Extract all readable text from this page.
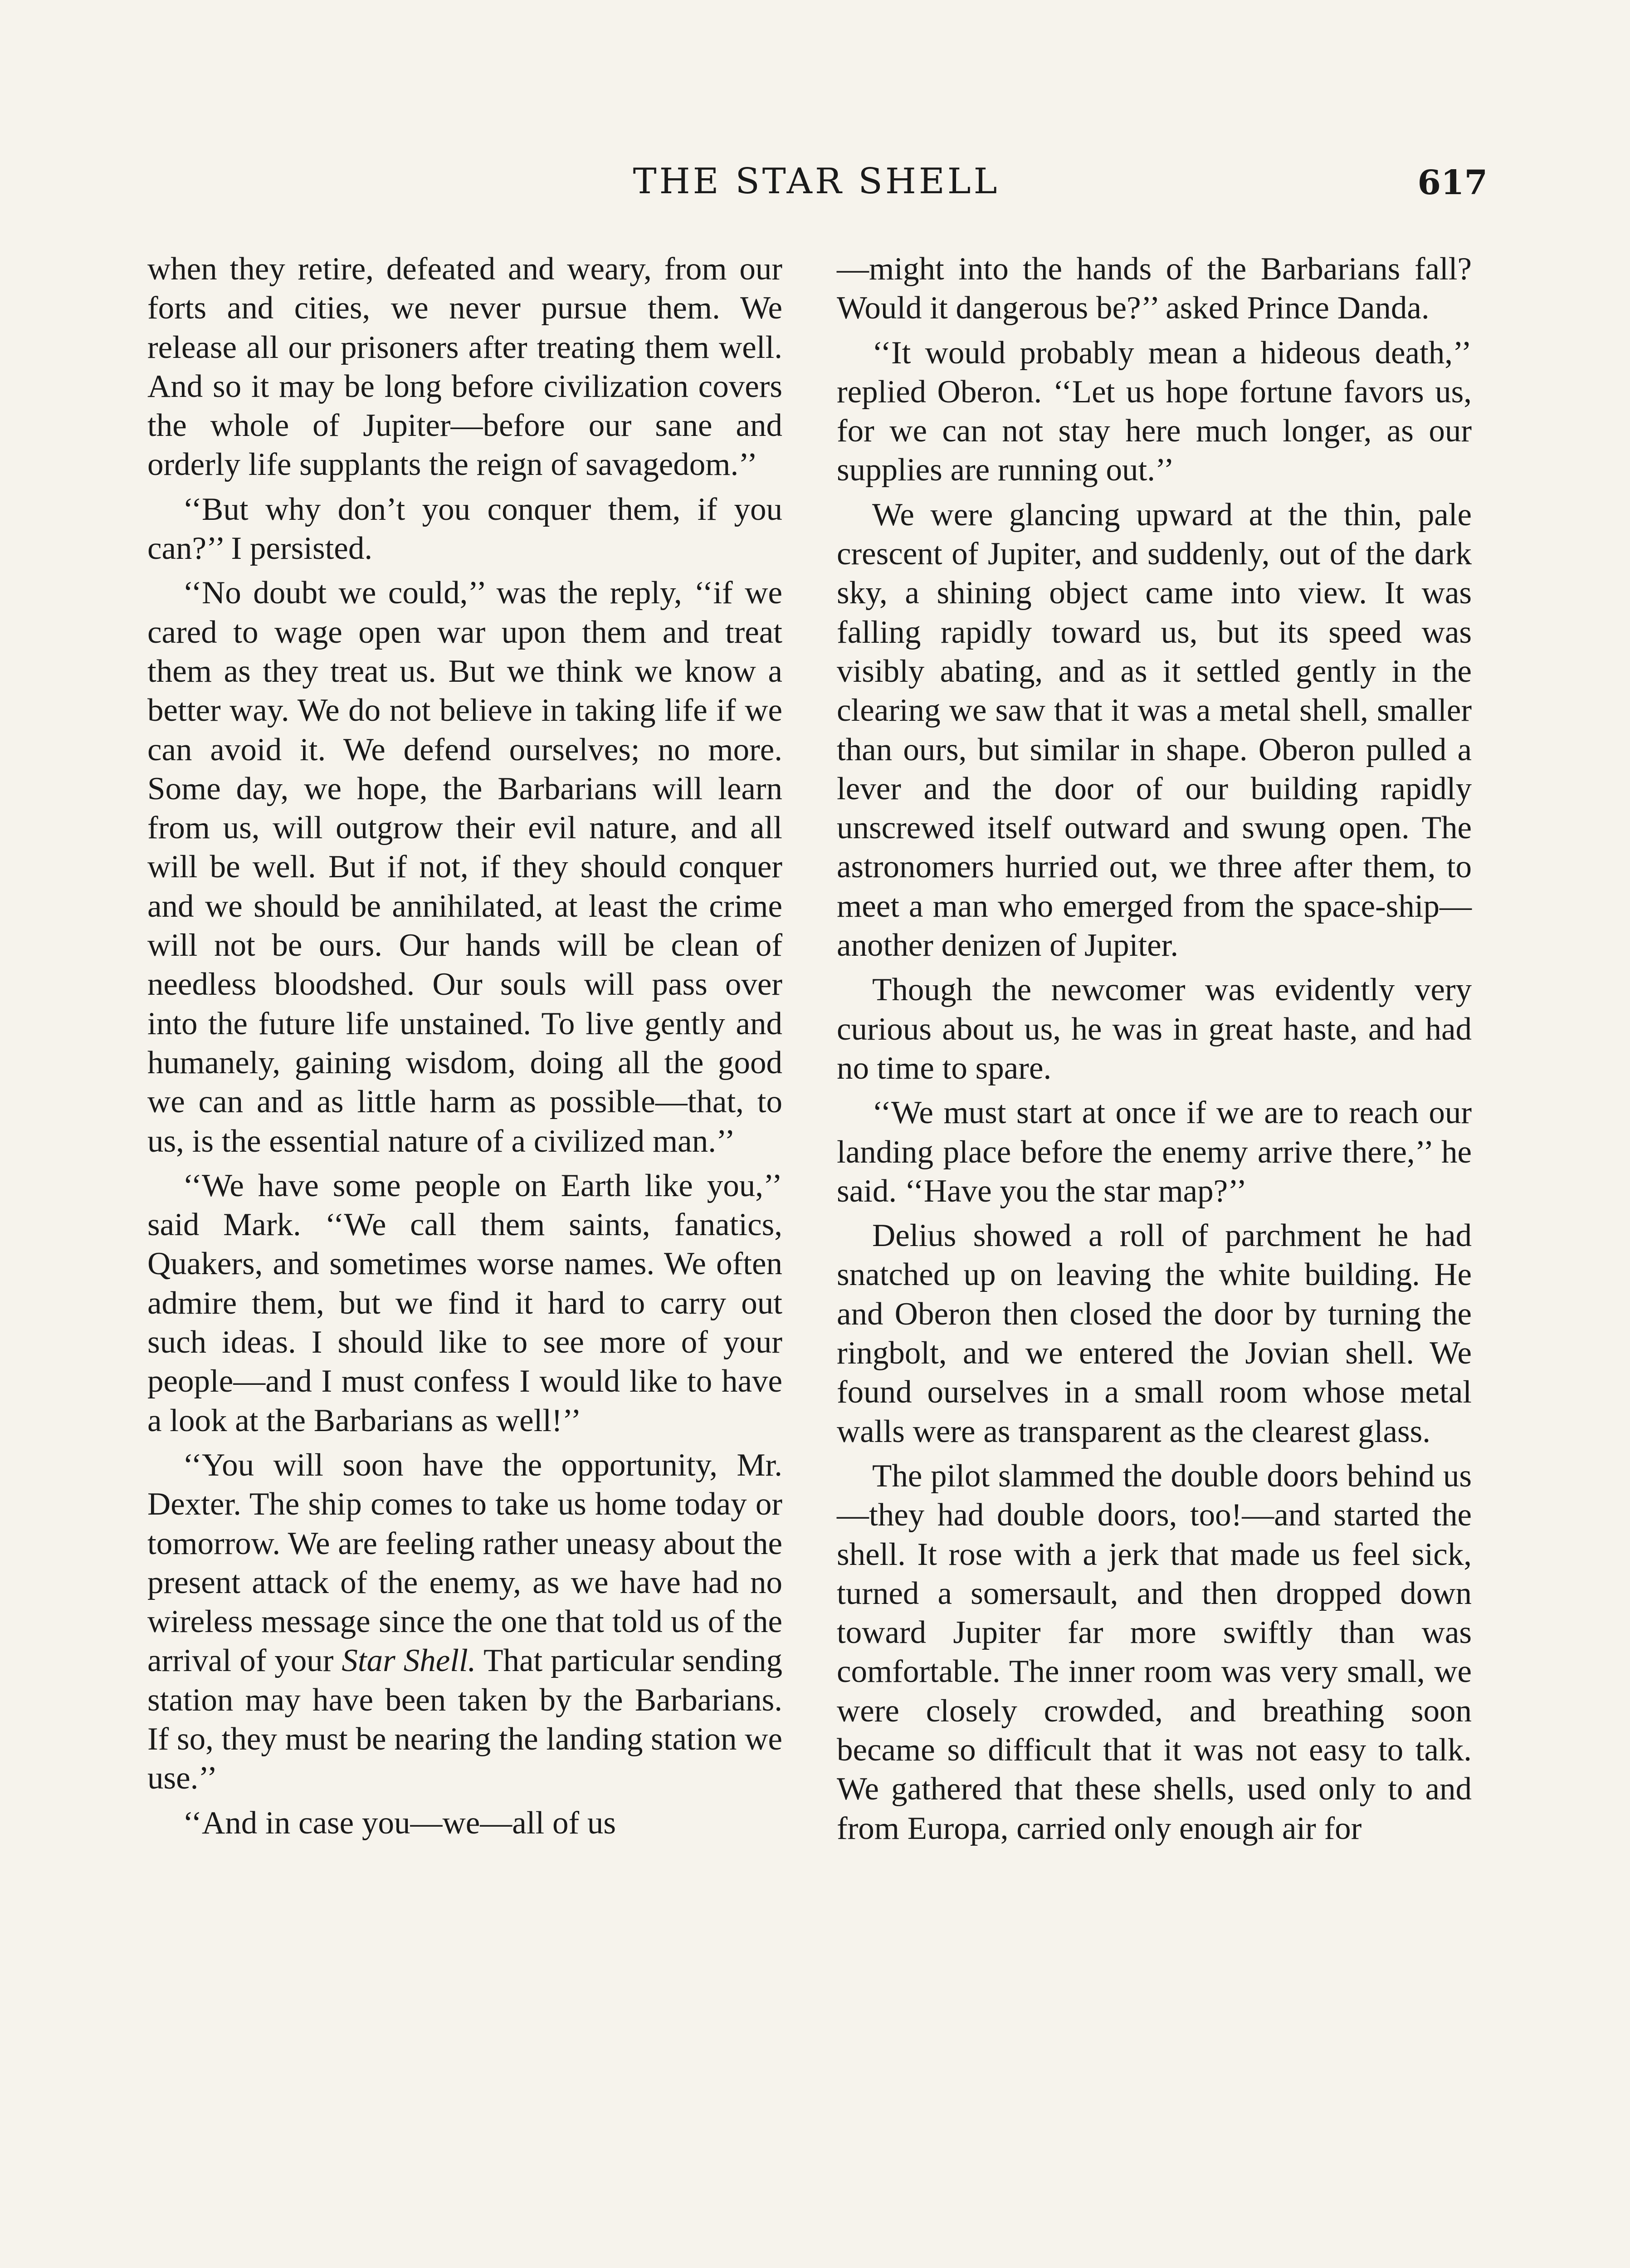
THE STAR SHELL	617

when they retire, defeated and weary, from our forts and cities, we never pursue them. We release all our prisoners after treating them well. And so it may be long before civilization covers the whole of Jupiter—before our sane and orderly life supplants the reign of savagedom.’’

‘‘But why don’t you conquer them, if you can?’’ I persisted.

‘‘No doubt we could,’’ was the reply, ‘‘if we cared to wage open war upon them and treat them as they treat us. But we think we know a better way. We do not believe in taking life if we can avoid it. We defend ourselves; no more. Some day, we hope, the Barbarians will learn from us, will outgrow their evil nature, and all will be well. But if not, if they should conquer and we should be annihilated, at least the crime will not be ours. Our hands will be clean of needless bloodshed. Our souls will pass over into the future life unstained. To live gently and humanely, gaining wisdom, doing all the good we can and as little harm as possible—that, to us, is the essential nature of a civilized man.’’

‘‘We have some people on Earth like you,’’ said Mark. ‘‘We call them saints, fanatics, Quakers, and sometimes worse names. We often admire them, but we find it hard to carry out such ideas. I should like to see more of your people—and I must confess I would like to have a look at the Barbarians as well!’’

‘‘You will soon have the opportunity, Mr. Dexter. The ship comes to take us home today or tomorrow. We are feeling rather uneasy about the present attack of the enemy, as we have had no wireless message since the one that told us of the arrival of your Star Shell. That particular sending station may have been taken by the Barbarians. If so, they must be nearing the landing station we use.’’

‘‘And in case you—we—all of us

—might into the hands of the Barbarians fall? Would it dangerous be?’’ asked Prince Danda.

‘‘It would probably mean a hideous death,’’ replied Oberon. ‘‘Let us hope fortune favors us, for we can not stay here much longer, as our supplies are running out.’’

We were glancing upward at the thin, pale crescent of Jupiter, and suddenly, out of the dark sky, a shining object came into view. It was falling rapidly toward us, but its speed was visibly abating, and as it settled gently in the clearing we saw that it was a metal shell, smaller than ours, but similar in shape. Oberon pulled a lever and the door of our building rapidly unscrewed itself outward and swung open. The astronomers hurried out, we three after them, to meet a man who emerged from the space-ship—another denizen of Jupiter.

Though the newcomer was evidently very curious about us, he was in great haste, and had no time to spare.

‘‘We must start at once if we are to reach our landing place before the enemy arrive there,’’ he said. ‘‘Have you the star map?’’

Delius showed a roll of parchment he had snatched up on leaving the white building. He and Oberon then closed the door by turning the ringbolt, and we entered the Jovian shell. We found ourselves in a small room whose metal walls were as transparent as the clearest glass.

The pilot slammed the double doors behind us—they had double doors, too!—and started the shell. It rose with a jerk that made us feel sick, turned a somersault, and then dropped down toward Jupiter far more swiftly than was comfortable. The inner room was very small, we were closely crowded, and breathing soon became so difficult that it was not easy to talk. We gathered that these shells, used only to and from Europa, carried only enough air for
